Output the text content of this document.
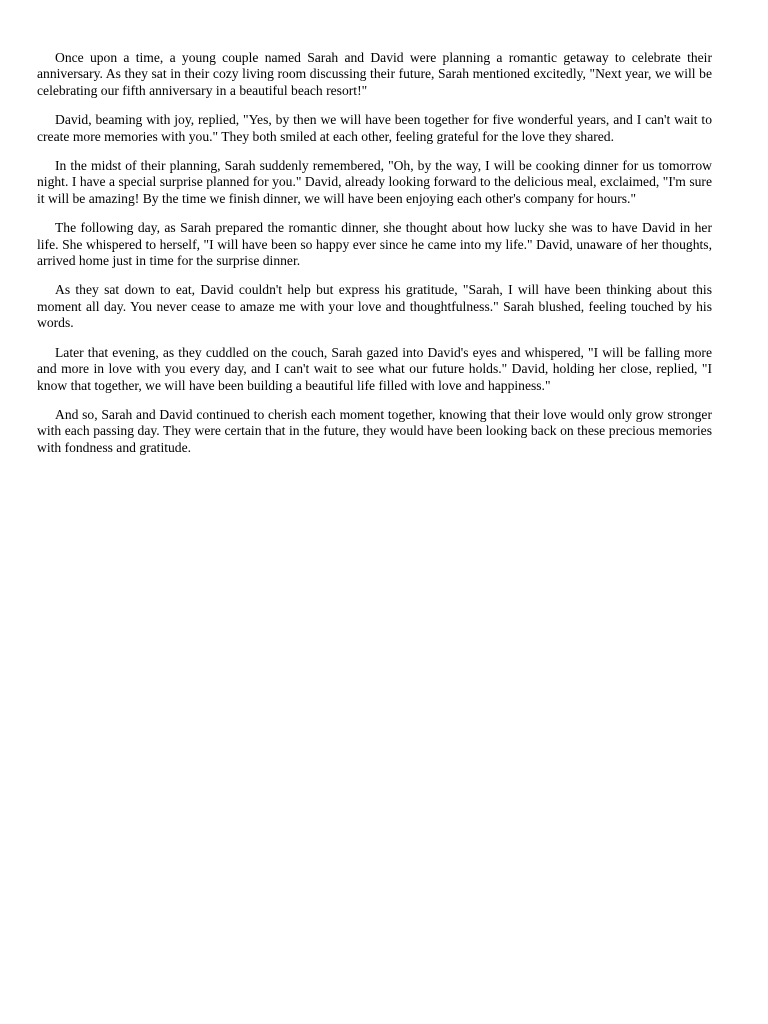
Once upon a time, a young couple named Sarah and David were planning a romantic getaway to celebrate their anniversary. As they sat in their cozy living room discussing their future, Sarah mentioned excitedly, "Next year, we will be celebrating our fifth anniversary in a beautiful beach resort!"

David, beaming with joy, replied, "Yes, by then we will have been together for five wonderful years, and I can't wait to create more memories with you." They both smiled at each other, feeling grateful for the love they shared.

In the midst of their planning, Sarah suddenly remembered, "Oh, by the way, I will be cooking dinner for us tomorrow night. I have a special surprise planned for you." David, already looking forward to the delicious meal, exclaimed, "I'm sure it will be amazing! By the time we finish dinner, we will have been enjoying each other's company for hours."

The following day, as Sarah prepared the romantic dinner, she thought about how lucky she was to have David in her life. She whispered to herself, "I will have been so happy ever since he came into my life." David, unaware of her thoughts, arrived home just in time for the surprise dinner.

As they sat down to eat, David couldn't help but express his gratitude, "Sarah, I will have been thinking about this moment all day. You never cease to amaze me with your love and thoughtfulness." Sarah blushed, feeling touched by his words.

Later that evening, as they cuddled on the couch, Sarah gazed into David's eyes and whispered, "I will be falling more and more in love with you every day, and I can't wait to see what our future holds." David, holding her close, replied, "I know that together, we will have been building a beautiful life filled with love and happiness."

And so, Sarah and David continued to cherish each moment together, knowing that their love would only grow stronger with each passing day. They were certain that in the future, they would have been looking back on these precious memories with fondness and gratitude.
